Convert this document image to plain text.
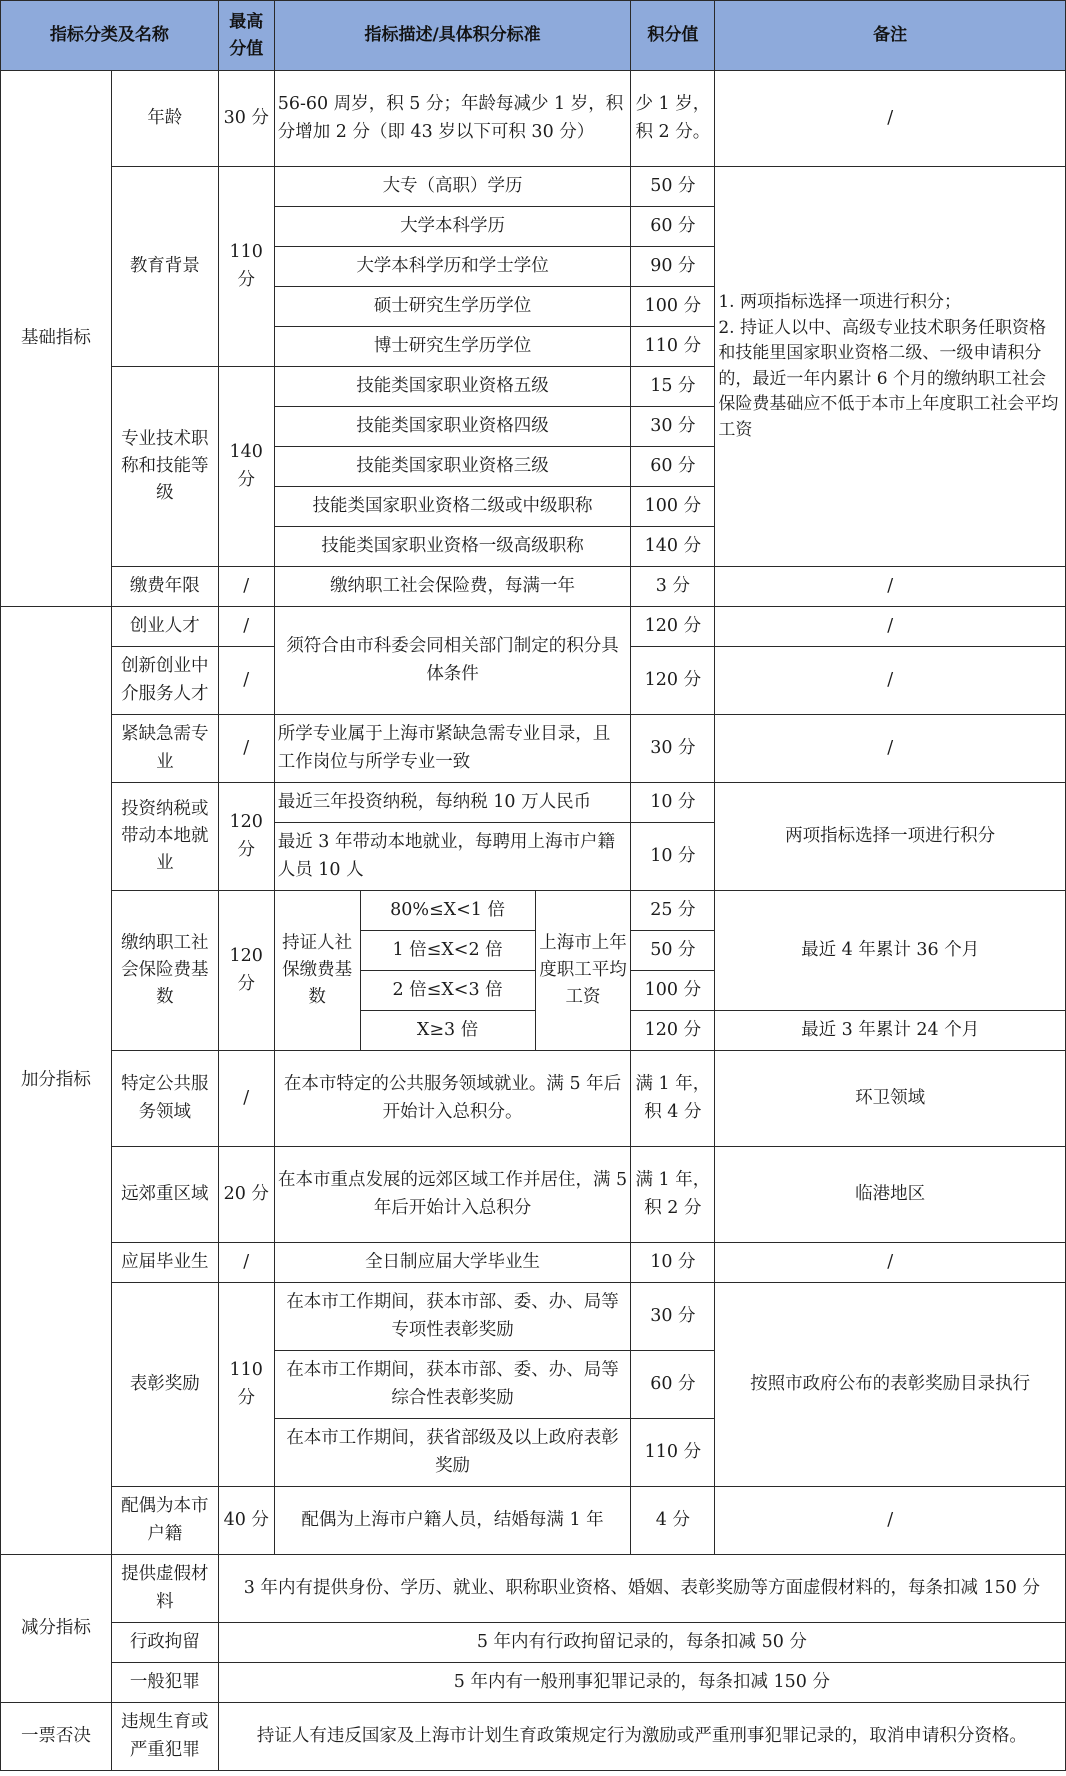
指标分类及名称		最高分值	指标描述/具体积分标准			积分值	备注
基础指标	年龄	30 分	56-60 周岁，积 5 分；年龄每减少 1 岁，积分增加 2 分（即 43 岁以下可积 30 分）			少 1 岁，积 2 分。	/
	教育背景	110 分	大专（高职）学历			50 分	1. 两项指标选择一项进行积分；
2. 持证人以中、高级专业技术职务任职资格和技能里国家职业资格二级、一级申请积分的，最近一年内累计 6 个月的缴纳职工社会保险费基础应不低于本市上年度职工社会平均工资
			大学本科学历			60 分	
			大学本科学历和学士学位			90 分	
			硕士研究生学历学位			100 分	
			博士研究生学历学位			110 分	
	专业技术职称和技能等级	140 分	技能类国家职业资格五级			15 分	
			技能类国家职业资格四级			30 分	
			技能类国家职业资格三级			60 分	
			技能类国家职业资格二级或中级职称			100 分	
			技能类国家职业资格一级高级职称			140 分	
	缴费年限	/	缴纳职工社会保险费，每满一年			3 分	/

加分指标	创业人才	/	须符合由市科委会同相关部门制定的积分具体条件			120 分	/
	创新创业中介服务人才	/				120 分	/
	紧缺急需专业	/	所学专业属于上海市紧缺急需专业目录，且工作岗位与所学专业一致			30 分	/
	投资纳税或带动本地就业	120 分	最近三年投资纳税，每纳税 10 万人民币			10 分	两项指标选择一项进行积分
			最近 3 年带动本地就业，每聘用上海市户籍人员 10 人			10 分	
	缴纳职工社会保险费基数	120 分	持证人社保缴费基数	80%≤X<1 倍	上海市上年度职工平均工资	25 分	最近 4 年累计 36 个月
				1 倍≤X<2 倍		50 分	
				2 倍≤X<3 倍		100 分	
				X≥3 倍		120 分	最近 3 年累计 24 个月
	特定公共服务领域	/	在本市特定的公共服务领域就业。满 5 年后开始计入总积分。			满 1 年，积 4 分	环卫领域
	远郊重区域	20 分	在本市重点发展的远郊区域工作并居住，满 5 年后开始计入总积分			满 1 年，积 2 分	临港地区
	应届毕业生	/	全日制应届大学毕业生			10 分	/
	表彰奖励	110 分	在本市工作期间，获本市部、委、办、局等专项性表彰奖励			30 分	按照市政府公布的表彰奖励目录执行
			在本市工作期间，获本市部、委、办、局等综合性表彰奖励			60 分	
			在本市工作期间，获省部级及以上政府表彰奖励			110 分	
	配偶为本市户籍	40 分	配偶为上海市户籍人员，结婚每满 1 年			4 分	/

减分指标	提供虚假材料	3 年内有提供身份、学历、就业、职称职业资格、婚姻、表彰奖励等方面虚假材料的，每条扣减 150 分					
	行政拘留	5 年内有行政拘留记录的，每条扣减 50 分					
	一般犯罪	5 年内有一般刑事犯罪记录的，每条扣减 150 分					
一票否决	违规生育或严重犯罪	持证人有违反国家及上海市计划生育政策规定行为激励或严重刑事犯罪记录的，取消申请积分资格。					
